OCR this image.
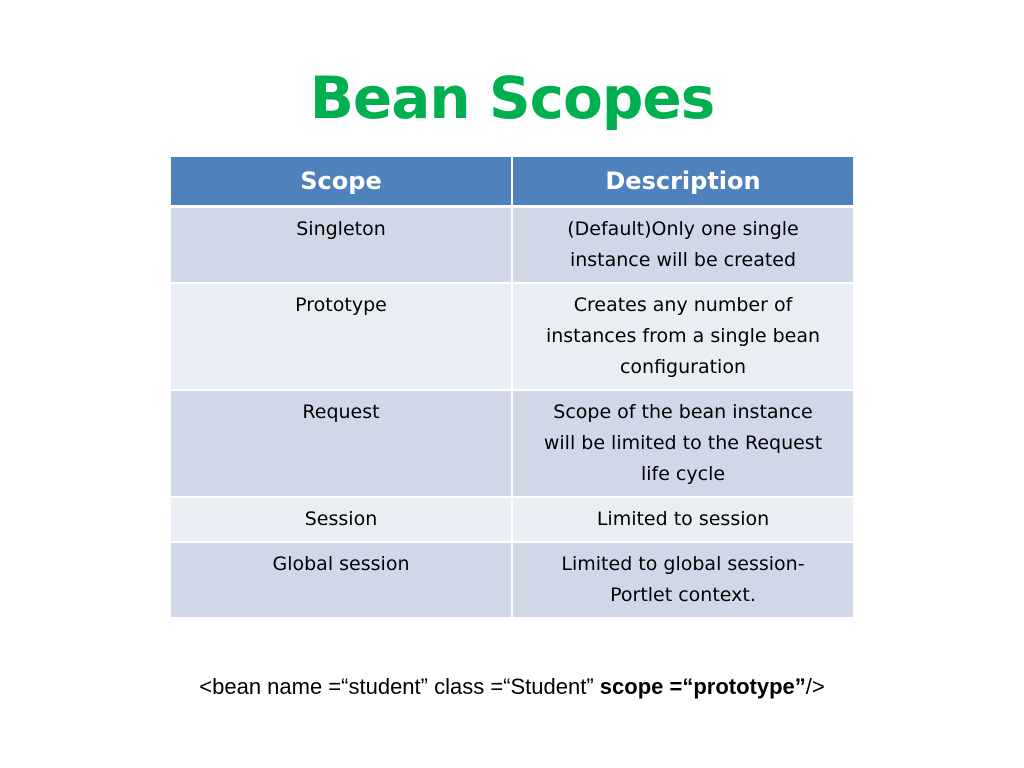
Bean Scopes
Scope	Description
Singleton	(Default)Only one single
instance will be created
Prototype	Creates any number of
instances from a single bean
configuration
Request	Scope of the bean instance
will be limited to the Request
life cycle
Session	Limited to session
Global session	Limited to global session-
Portlet context.
<bean name =“student” class =“Student” scope =“prototype”/>
